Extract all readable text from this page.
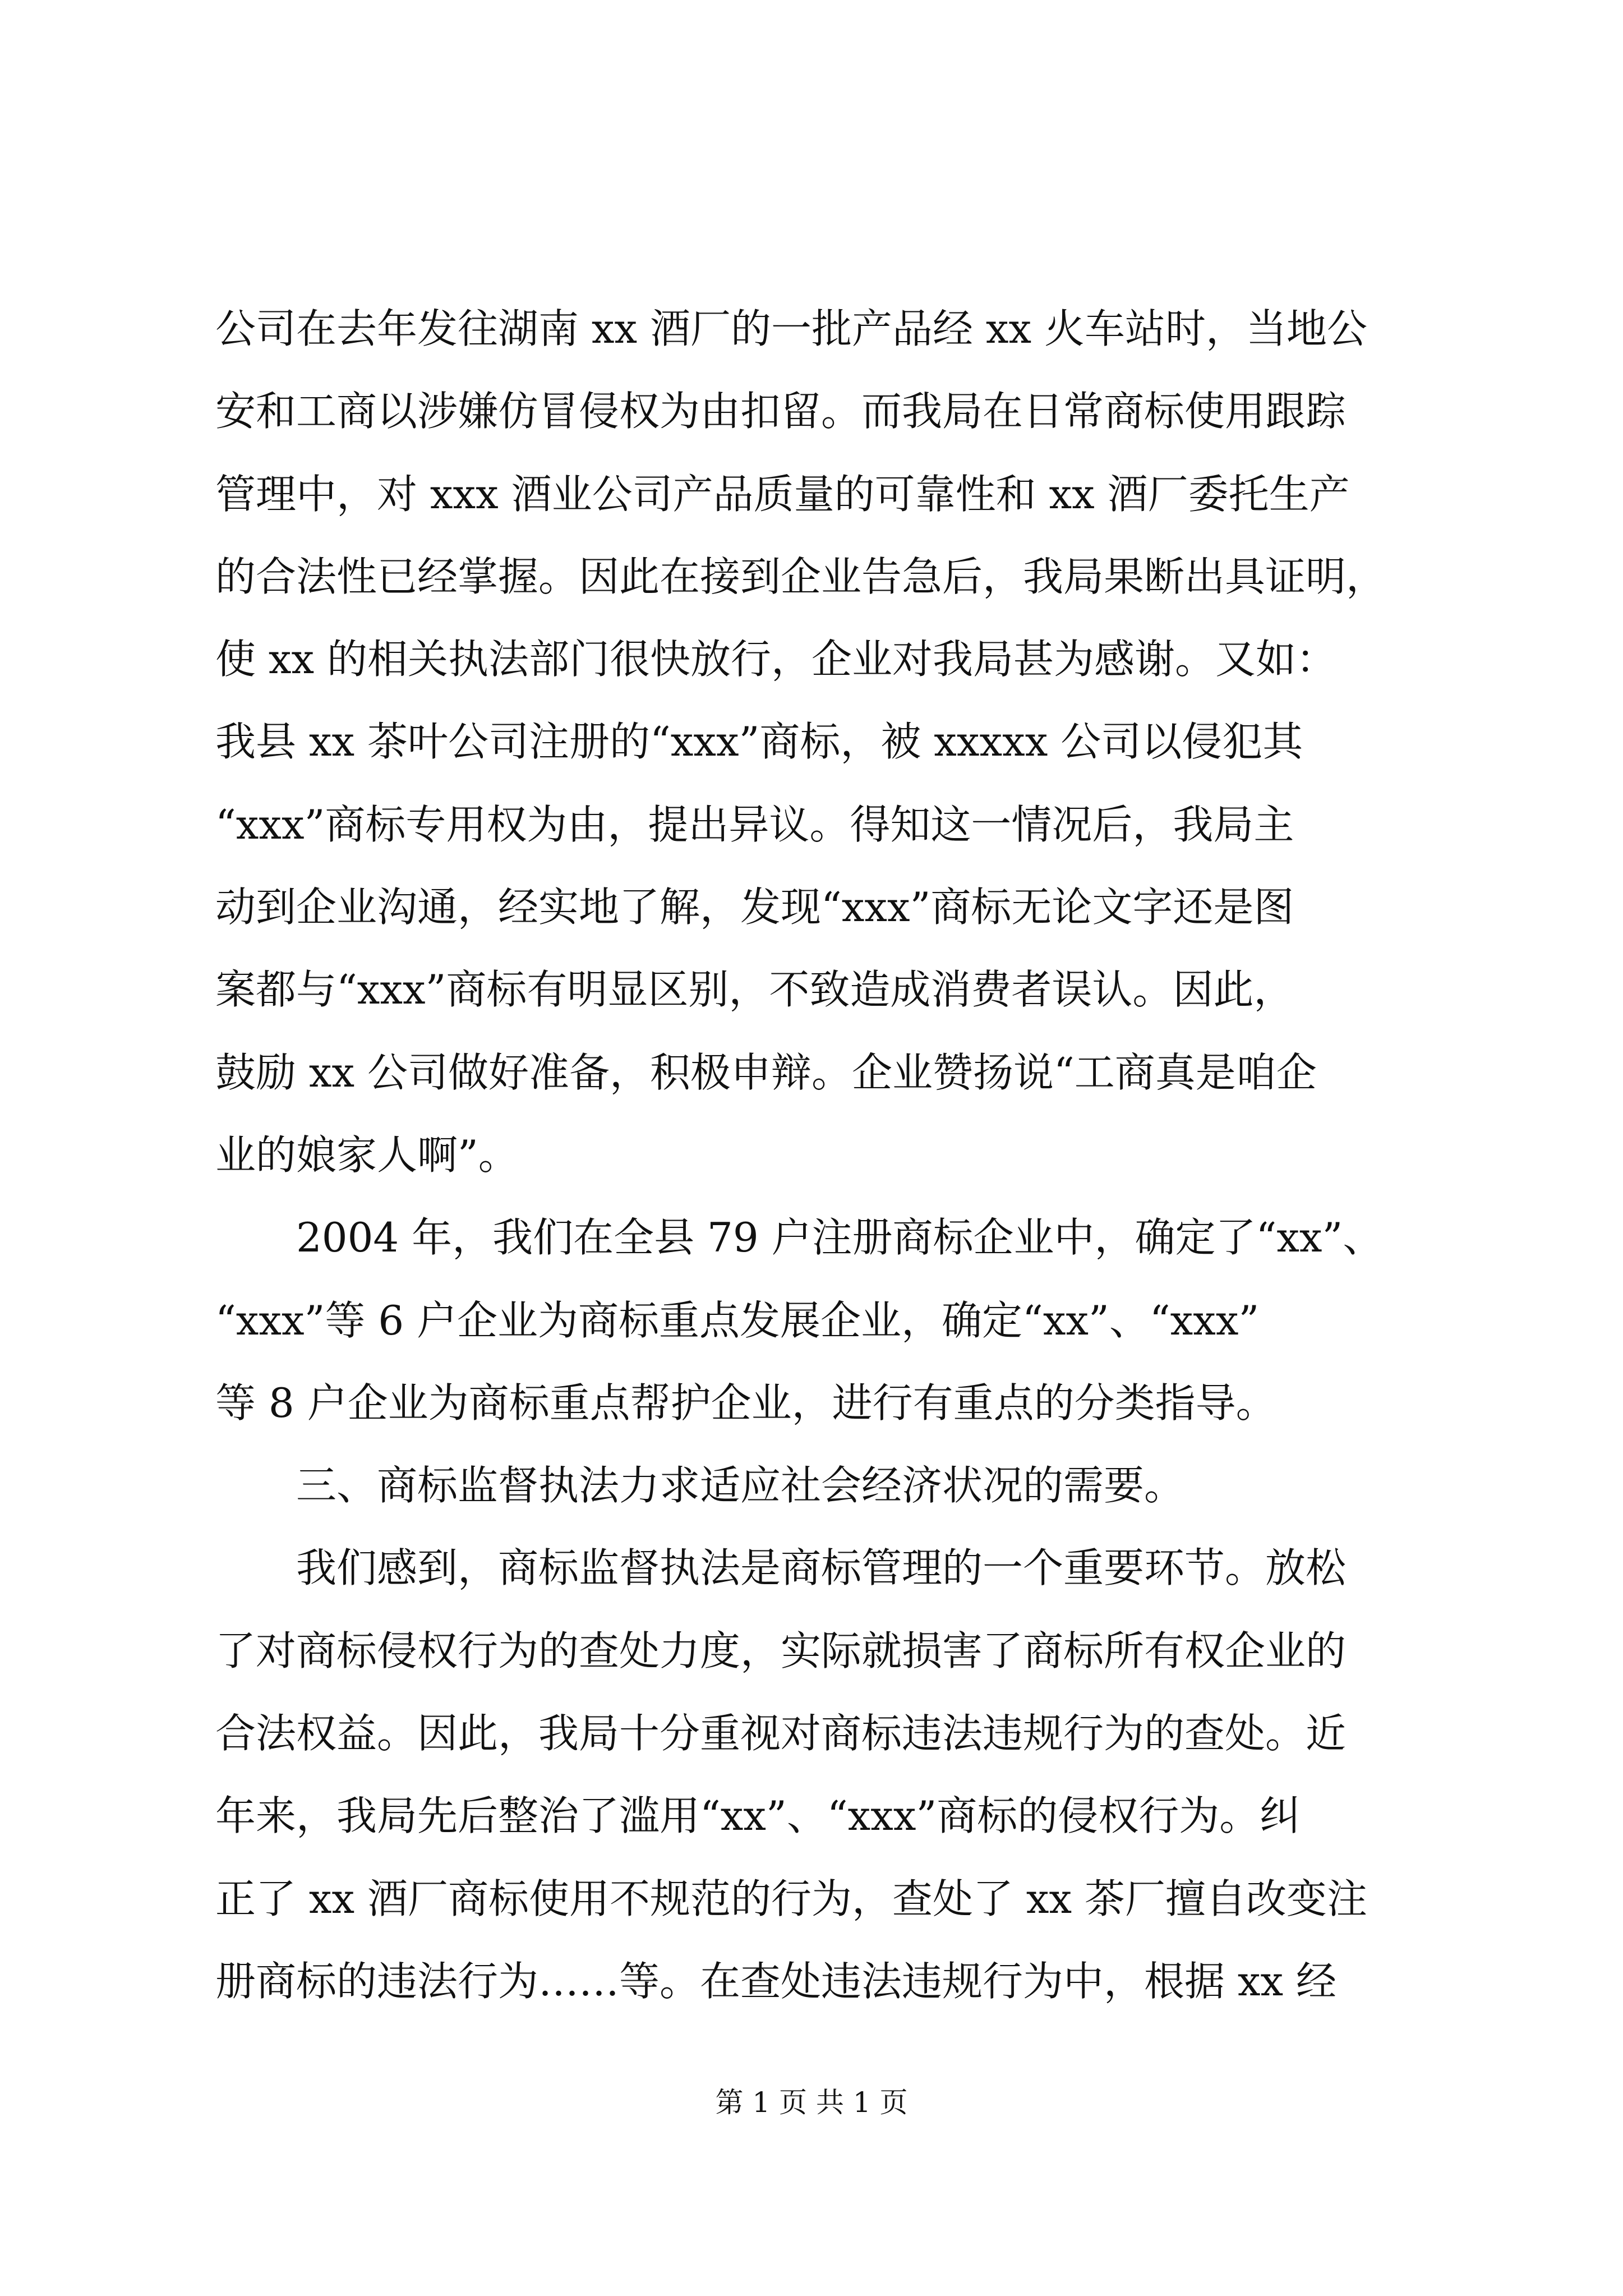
公司在去年发往湖南 xx 酒厂的一批产品经 xx 火车站时，当地公
安和工商以涉嫌仿冒侵权为由扣留。而我局在日常商标使用跟踪
管理中，对 xxx 酒业公司产品质量的可靠性和 xx 酒厂委托生产
的合法性已经掌握。因此在接到企业告急后，我局果断出具证明，
使 xx 的相关执法部门很快放行，企业对我局甚为感谢。又如：
我县 xx 茶叶公司注册的“xxx”商标，被 xxxxx 公司以侵犯其
“xxx”商标专用权为由，提出异议。得知这一情况后，我局主
动到企业沟通，经实地了解，发现“xxx”商标无论文字还是图
案都与“xxx”商标有明显区别，不致造成消费者误认。因此，
鼓励 xx 公司做好准备，积极申辩。企业赞扬说“工商真是咱企
业的娘家人啊”。
2004 年，我们在全县 79 户注册商标企业中，确定了“xx”、
“xxx”等 6 户企业为商标重点发展企业，确定“xx”、“xxx”
等 8 户企业为商标重点帮护企业，进行有重点的分类指导。
三、商标监督执法力求适应社会经济状况的需要。
我们感到，商标监督执法是商标管理的一个重要环节。放松
了对商标侵权行为的查处力度，实际就损害了商标所有权企业的
合法权益。因此，我局十分重视对商标违法违规行为的查处。近
年来，我局先后整治了滥用“xx”、“xxx”商标的侵权行为。纠
正了 xx 酒厂商标使用不规范的行为，查处了 xx 茶厂擅自改变注
册商标的违法行为……等。在查处违法违规行为中，根据 xx 经
第 1 页 共 1 页
